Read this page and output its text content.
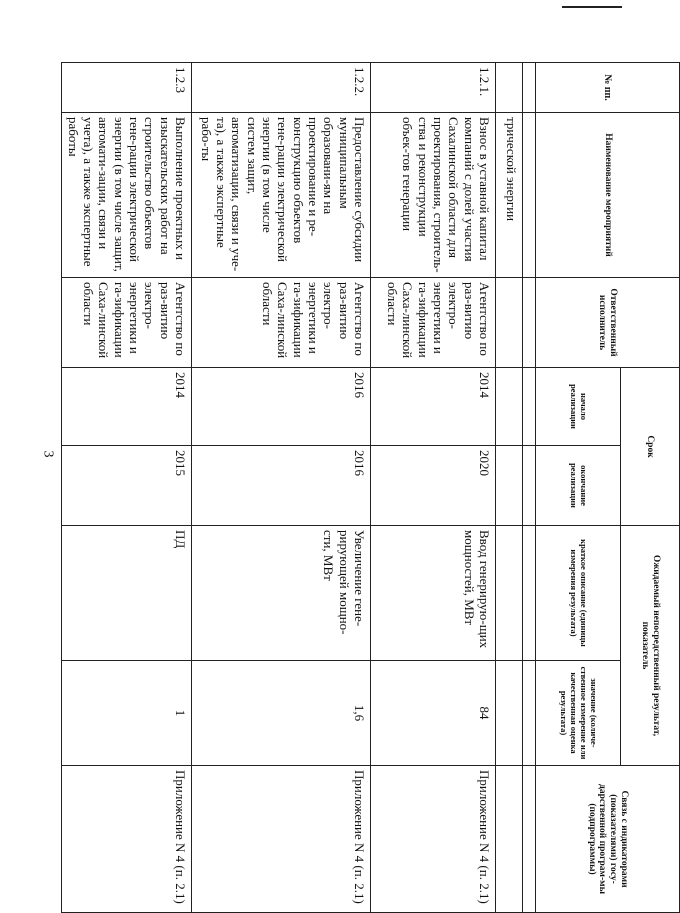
3
№ пп.	Наименование мероприятий	Ответственный исполнитель	Срок		Ожидаемый непосредственный результат, показатель		Связь с индикаторами (показателями) госу-дарственной програм-мы (подпрограммы)
			начало реализации	окончание реализации	краткое описание (единицы измерения результата)	значение (количе-ственное измерение или качественная оценка результата)	

	трической энергии						
1.2.1.	Взнос в уставной капитал компаний с долей участия Сахалинской области для проектирования, строитель-ства и реконструкции объек-тов генерации	Агентство по раз-витию электро-энергетики и га-зификации Саха-линской области	2014	2020	Ввод генерирую-щих мощностей, МВт	84	Приложение N 4 (п. 2.1)
1.2.2.	Предоставление субсидии муниципальным образовани-ям на проектирование и ре-конструкцию объектов гене-рации электрической энергии (в том числе систем защит, автоматизации, связи и уче-та), а также экспертные рабо-ты	Агентство по раз-витию электро-энергетики и га-зификации Саха-линской области	2016	2016	Увеличение гене-рирующей мощно-сти, МВт	1,6	Приложение N 4 (п. 2.1)
1.2.3	Выполнение проектных и изыскательских работ на строительство объектов гене-рации электрической энергии (в том числе защит, автомати-зации, связи и учета), а также экспертные работы	Агентство по раз-витию электро-энергетики и га-зификации Саха-линской области	2014	2015	ПД	1	Приложение N 4 (п. 2.1)
